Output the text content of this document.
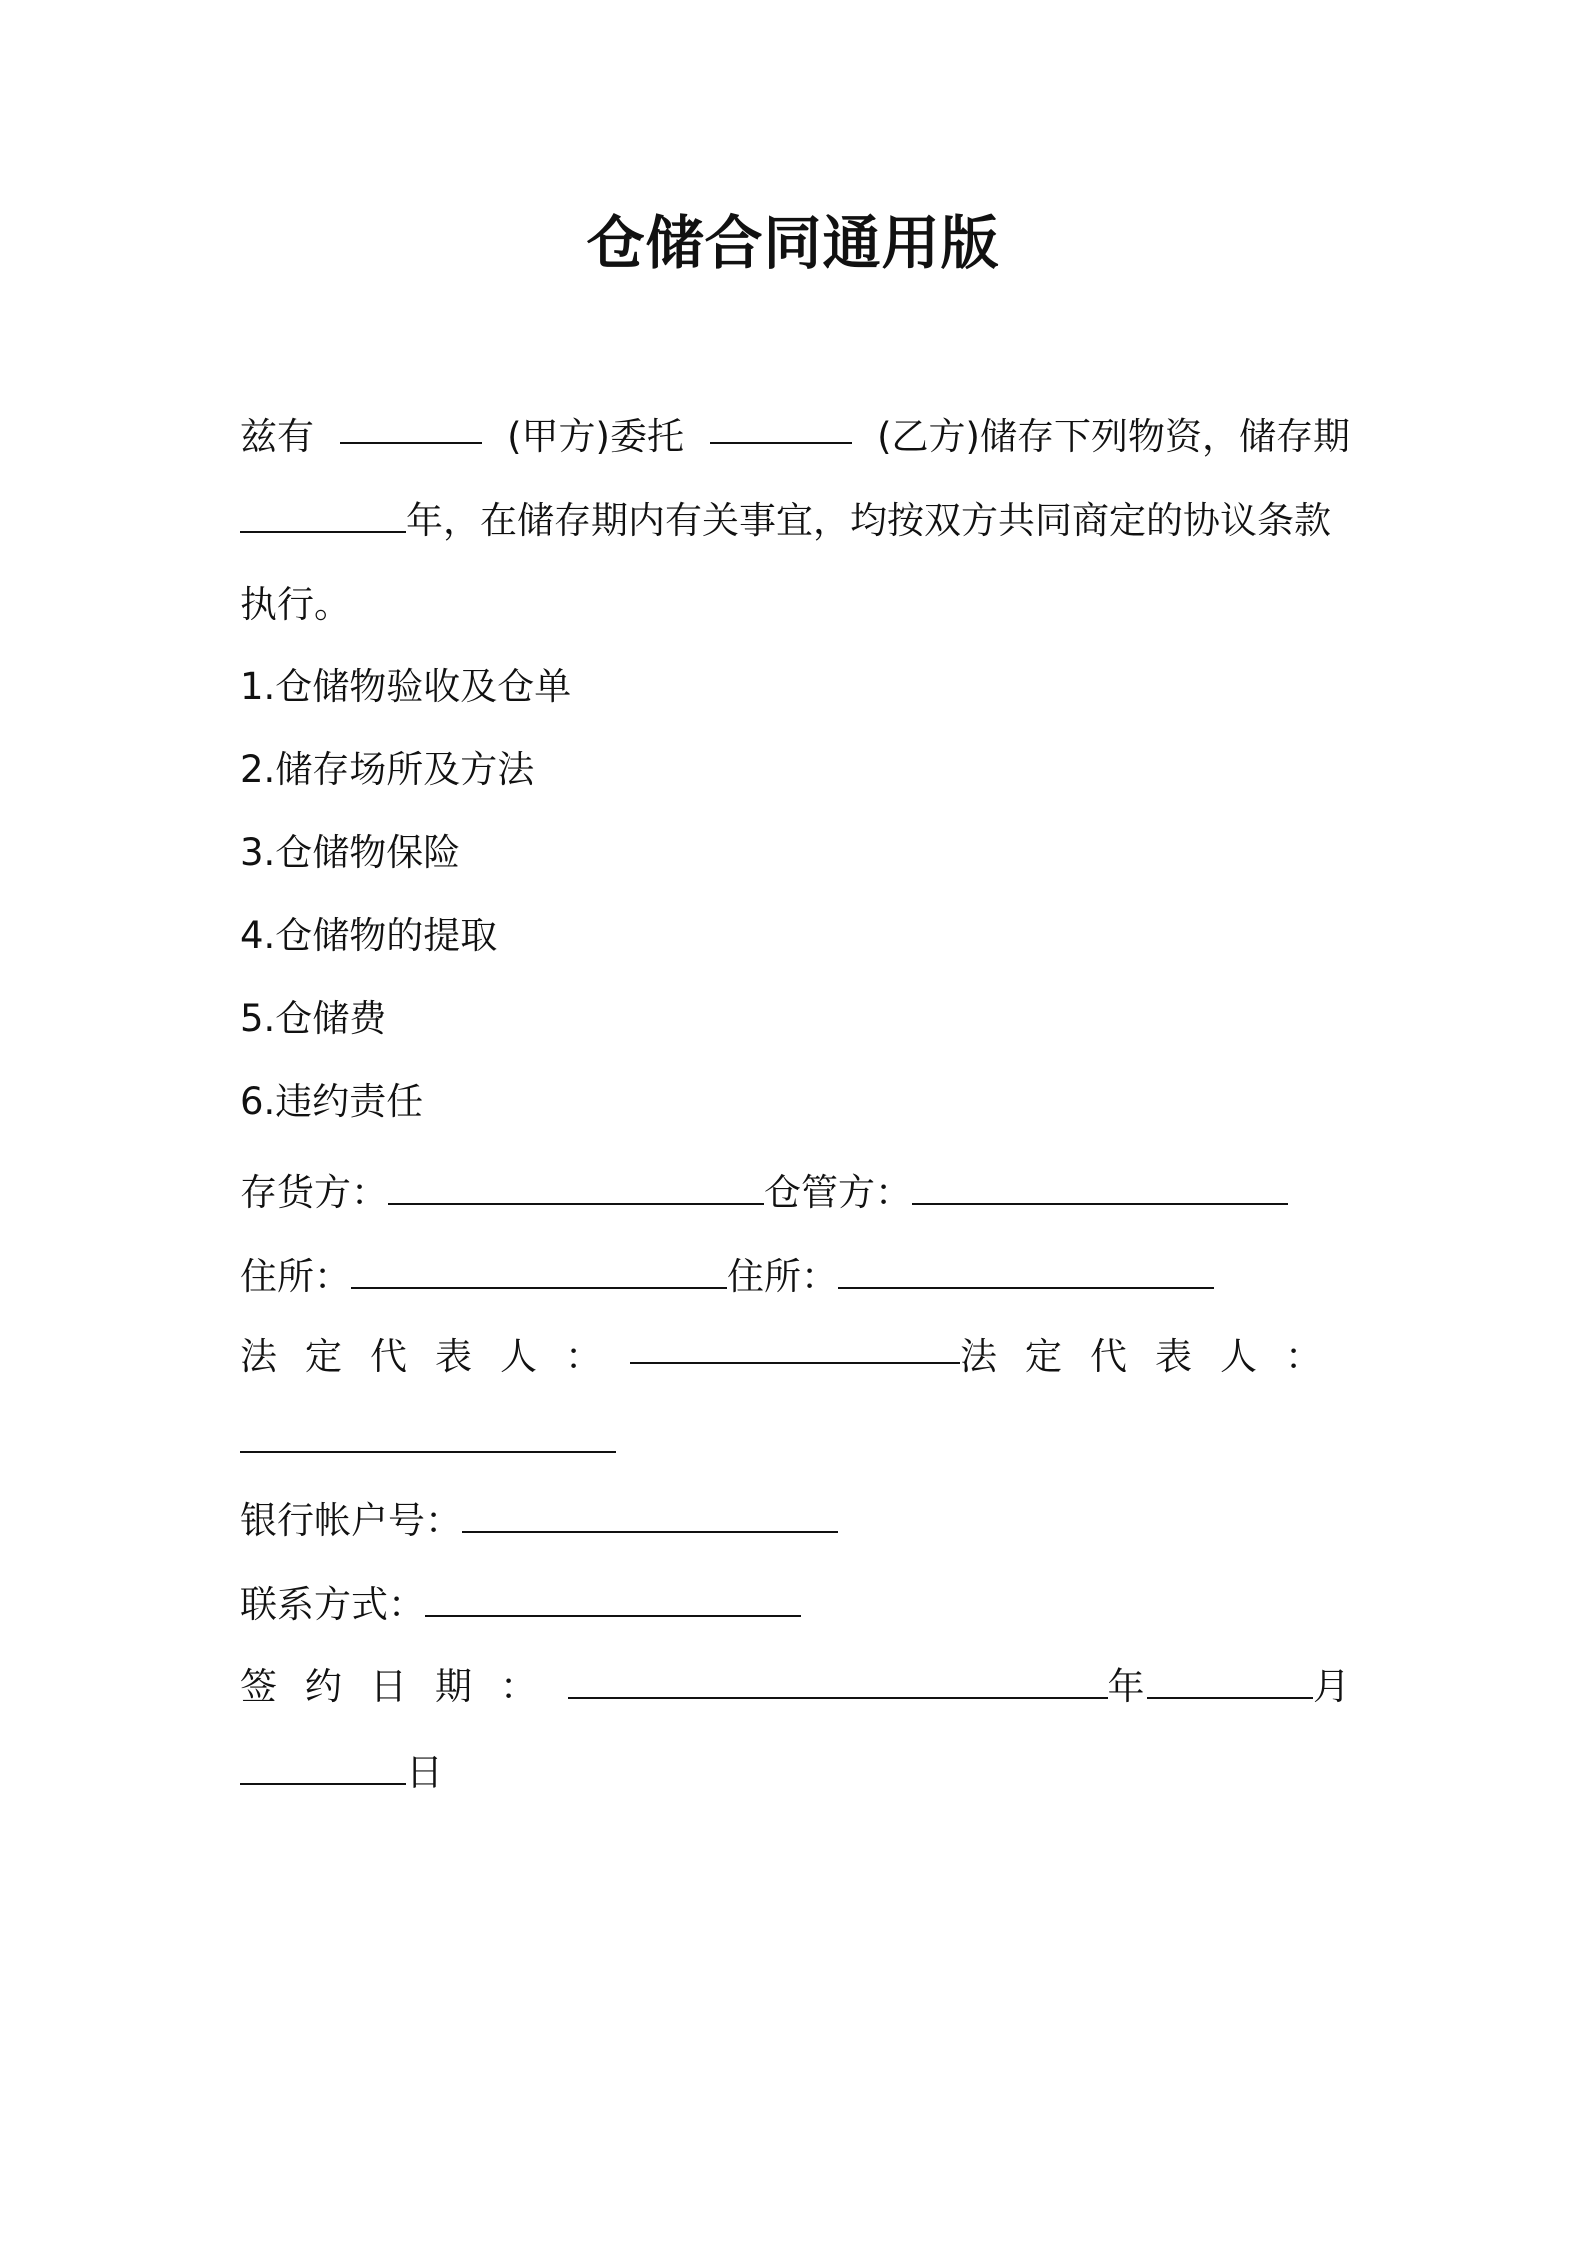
仓储合同通用版
兹有	(甲方)委托	(乙方)储存下列物资，储存期
年，在储存期内有关事宜，均按双方共同商定的协议条款
执行。
1.仓储物验收及仓单
2.储存场所及方法
3.仓储物保险
4.仓储物的提取
5.仓储费
6.违约责任
存货方：	仓管方：
住所：	住所：
法定代表人：	法定代表人：
银行帐户号：
联系方式：
签约日期：	年	月
日
